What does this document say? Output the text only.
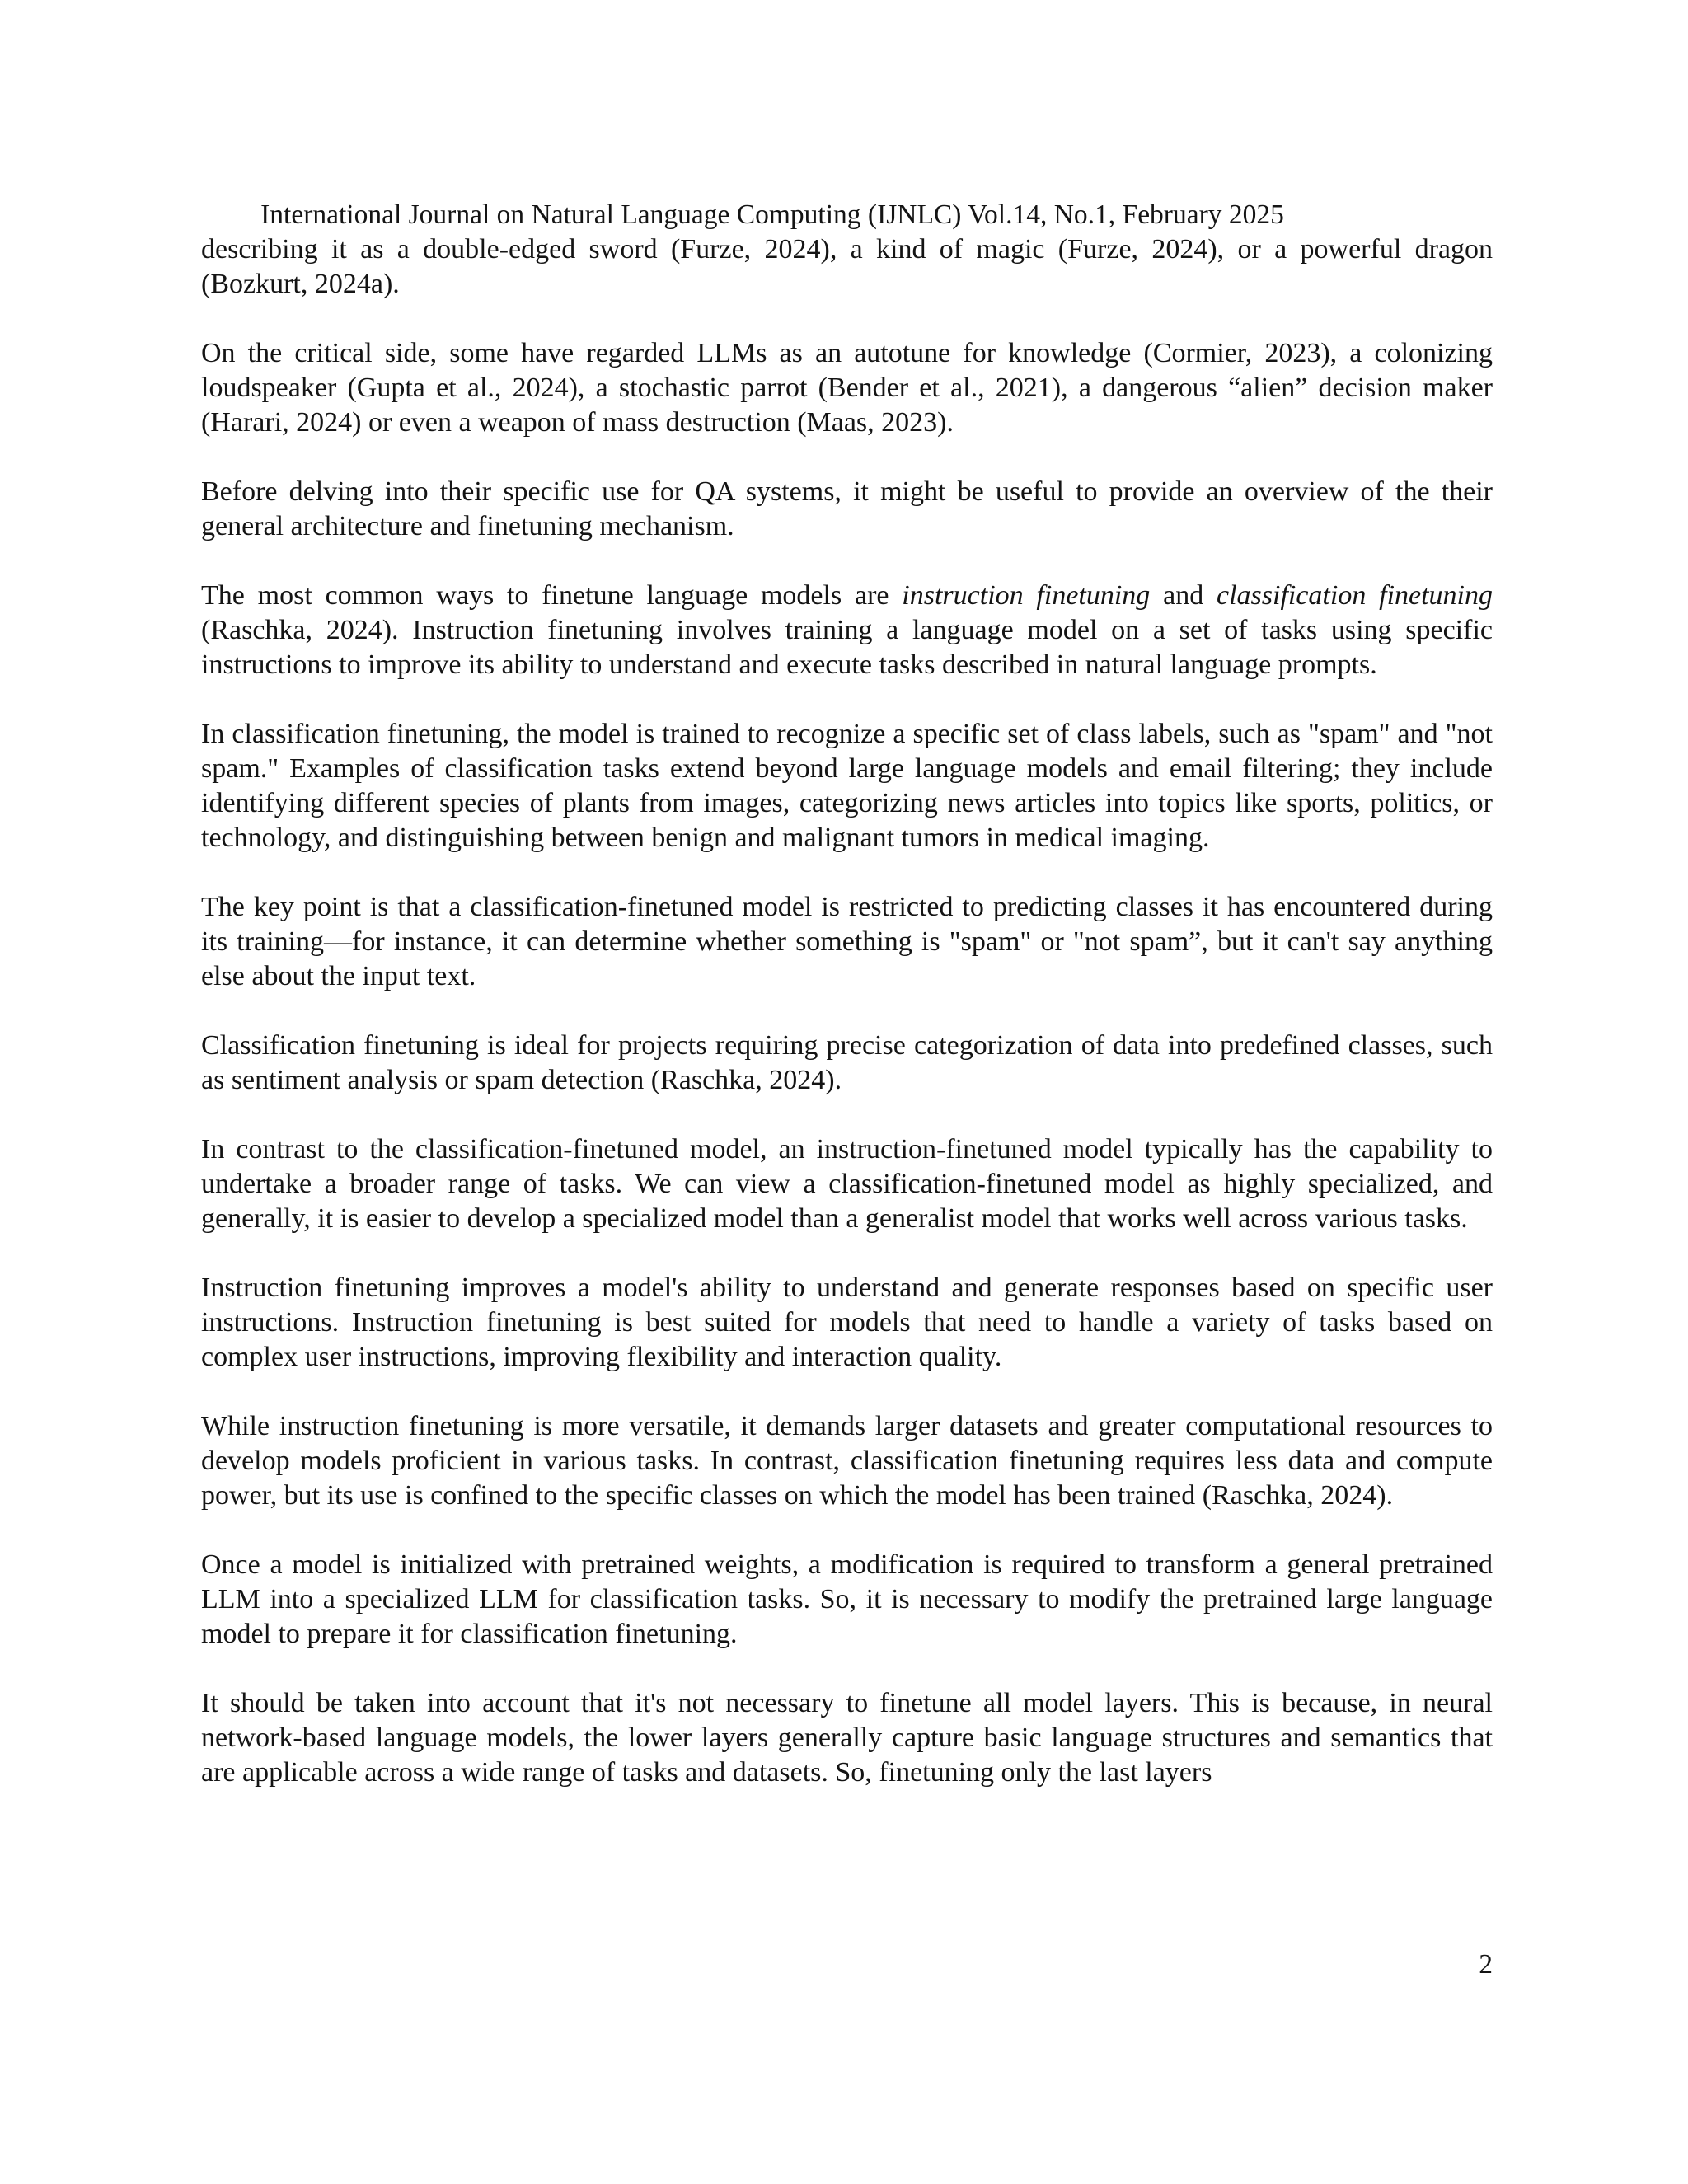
International Journal on Natural Language Computing (IJNLC) Vol.14, No.1, February 2025

describing it as a double-edged sword (Furze, 2024), a kind of magic (Furze, 2024), or a powerful dragon (Bozkurt, 2024a).

On the critical side, some have regarded LLMs as an autotune for knowledge (Cormier, 2023), a colonizing loudspeaker (Gupta et al., 2024), a stochastic parrot (Bender et al., 2021), a dangerous “alien” decision maker (Harari, 2024) or even a weapon of mass destruction (Maas, 2023).

Before delving into their specific use for QA systems, it might be useful to provide an overview of the their general architecture and finetuning mechanism.

The most common ways to finetune language models are instruction finetuning and classification finetuning (Raschka, 2024). Instruction finetuning involves training a language model on a set of tasks using specific instructions to improve its ability to understand and execute tasks described in natural language prompts.

In classification finetuning, the model is trained to recognize a specific set of class labels, such as "spam" and "not spam." Examples of classification tasks extend beyond large language models and email filtering; they include identifying different species of plants from images, categorizing news articles into topics like sports, politics, or technology, and distinguishing between benign and malignant tumors in medical imaging.

The key point is that a classification-finetuned model is restricted to predicting classes it has encountered during its training—for instance, it can determine whether something is "spam" or "not spam”, but it can't say anything else about the input text.

Classification finetuning is ideal for projects requiring precise categorization of data into predefined classes, such as sentiment analysis or spam detection (Raschka, 2024).

In contrast to the classification-finetuned model, an instruction-finetuned model typically has the capability to undertake a broader range of tasks. We can view a classification-finetuned model as highly specialized, and generally, it is easier to develop a specialized model than a generalist model that works well across various tasks.

Instruction finetuning improves a model's ability to understand and generate responses based on specific user instructions. Instruction finetuning is best suited for models that need to handle a variety of tasks based on complex user instructions, improving flexibility and interaction quality.

While instruction finetuning is more versatile, it demands larger datasets and greater computational resources to develop models proficient in various tasks. In contrast, classification finetuning requires less data and compute power, but its use is confined to the specific classes on which the model has been trained (Raschka, 2024).

Once a model is initialized with pretrained weights, a modification is required to transform a general pretrained LLM into a specialized LLM for classification tasks. So, it is necessary to modify the pretrained large language model to prepare it for classification finetuning.

It should be taken into account that it's not necessary to finetune all model layers. This is because, in neural network-based language models, the lower layers generally capture basic language structures and semantics that are applicable across a wide range of tasks and datasets. So, finetuning only the last layers

2
